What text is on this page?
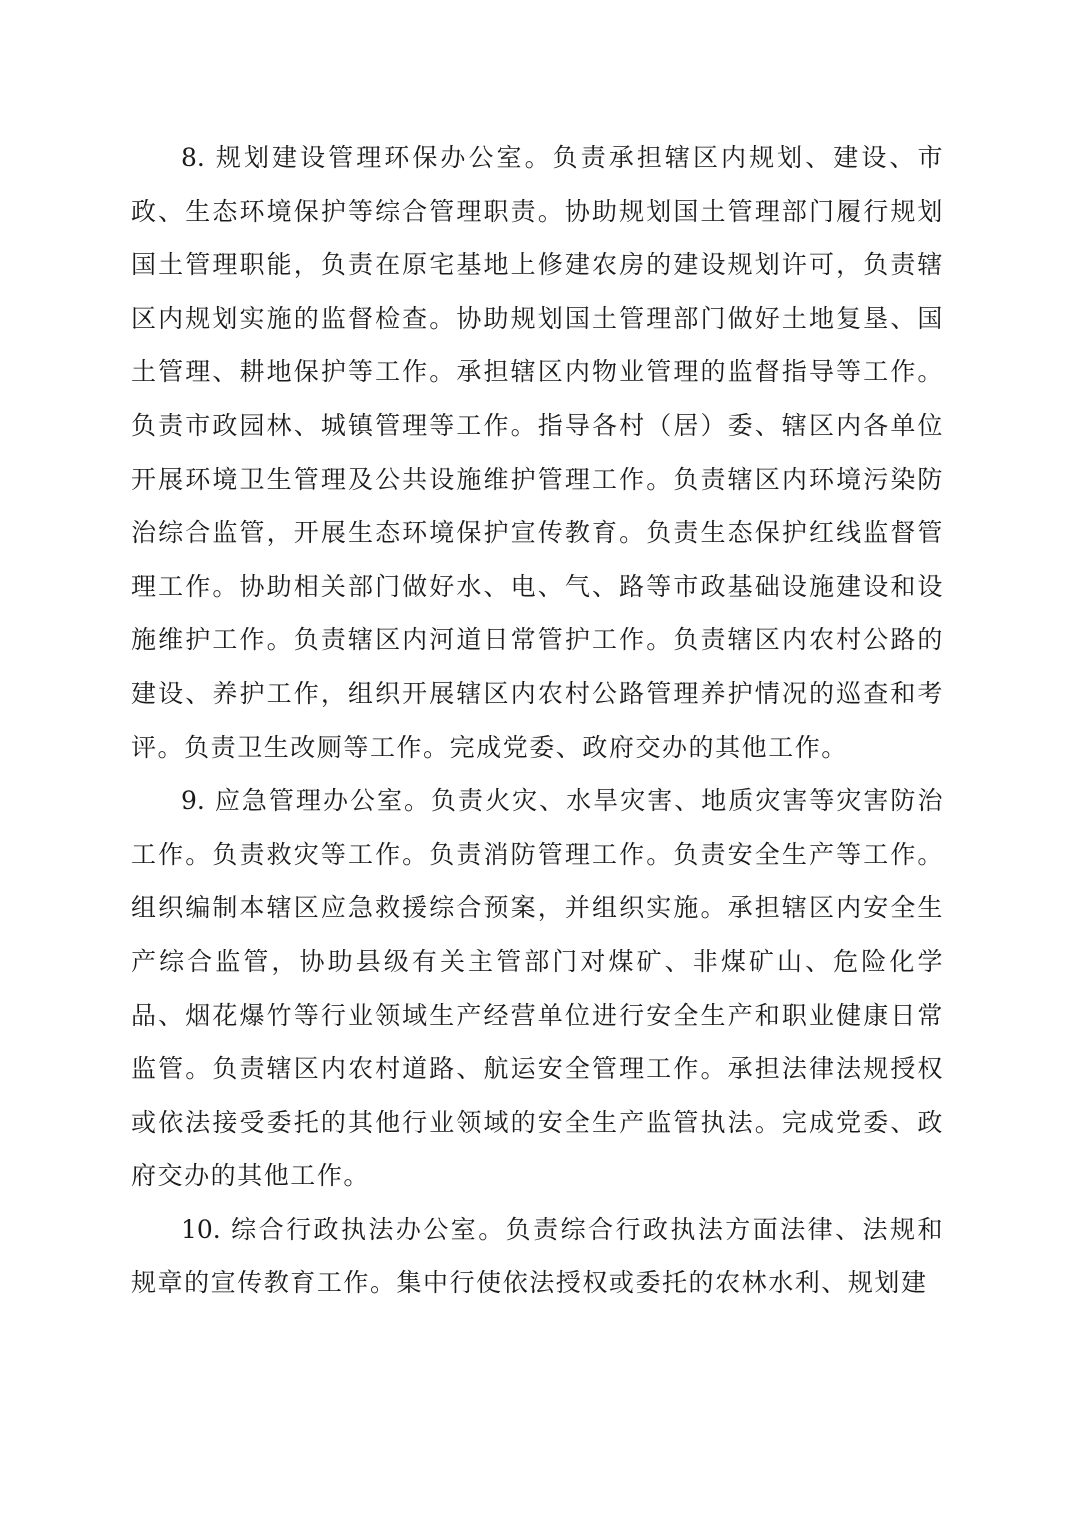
8. 规划建设管理环保办公室。负责承担辖区内规划、建设、市政、生态环境保护等综合管理职责。协助规划国土管理部门履行规划国土管理职能，负责在原宅基地上修建农房的建设规划许可，负责辖区内规划实施的监督检查。协助规划国土管理部门做好土地复垦、国土管理、耕地保护等工作。承担辖区内物业管理的监督指导等工作。负责市政园林、城镇管理等工作。指导各村（居）委、辖区内各单位开展环境卫生管理及公共设施维护管理工作。负责辖区内环境污染防治综合监管，开展生态环境保护宣传教育。负责生态保护红线监督管理工作。协助相关部门做好水、电、气、路等市政基础设施建设和设施维护工作。负责辖区内河道日常管护工作。负责辖区内农村公路的建设、养护工作，组织开展辖区内农村公路管理养护情况的巡查和考评。负责卫生改厕等工作。完成党委、政府交办的其他工作。

9. 应急管理办公室。负责火灾、水旱灾害、地质灾害等灾害防治工作。负责救灾等工作。负责消防管理工作。负责安全生产等工作。组织编制本辖区应急救援综合预案，并组织实施。承担辖区内安全生产综合监管，协助县级有关主管部门对煤矿、非煤矿山、危险化学品、烟花爆竹等行业领域生产经营单位进行安全生产和职业健康日常监管。负责辖区内农村道路、航运安全管理工作。承担法律法规授权或依法接受委托的其他行业领域的安全生产监管执法。完成党委、政府交办的其他工作。

10. 综合行政执法办公室。负责综合行政执法方面法律、法规和规章的宣传教育工作。集中行使依法授权或委托的农林水利、规划建
